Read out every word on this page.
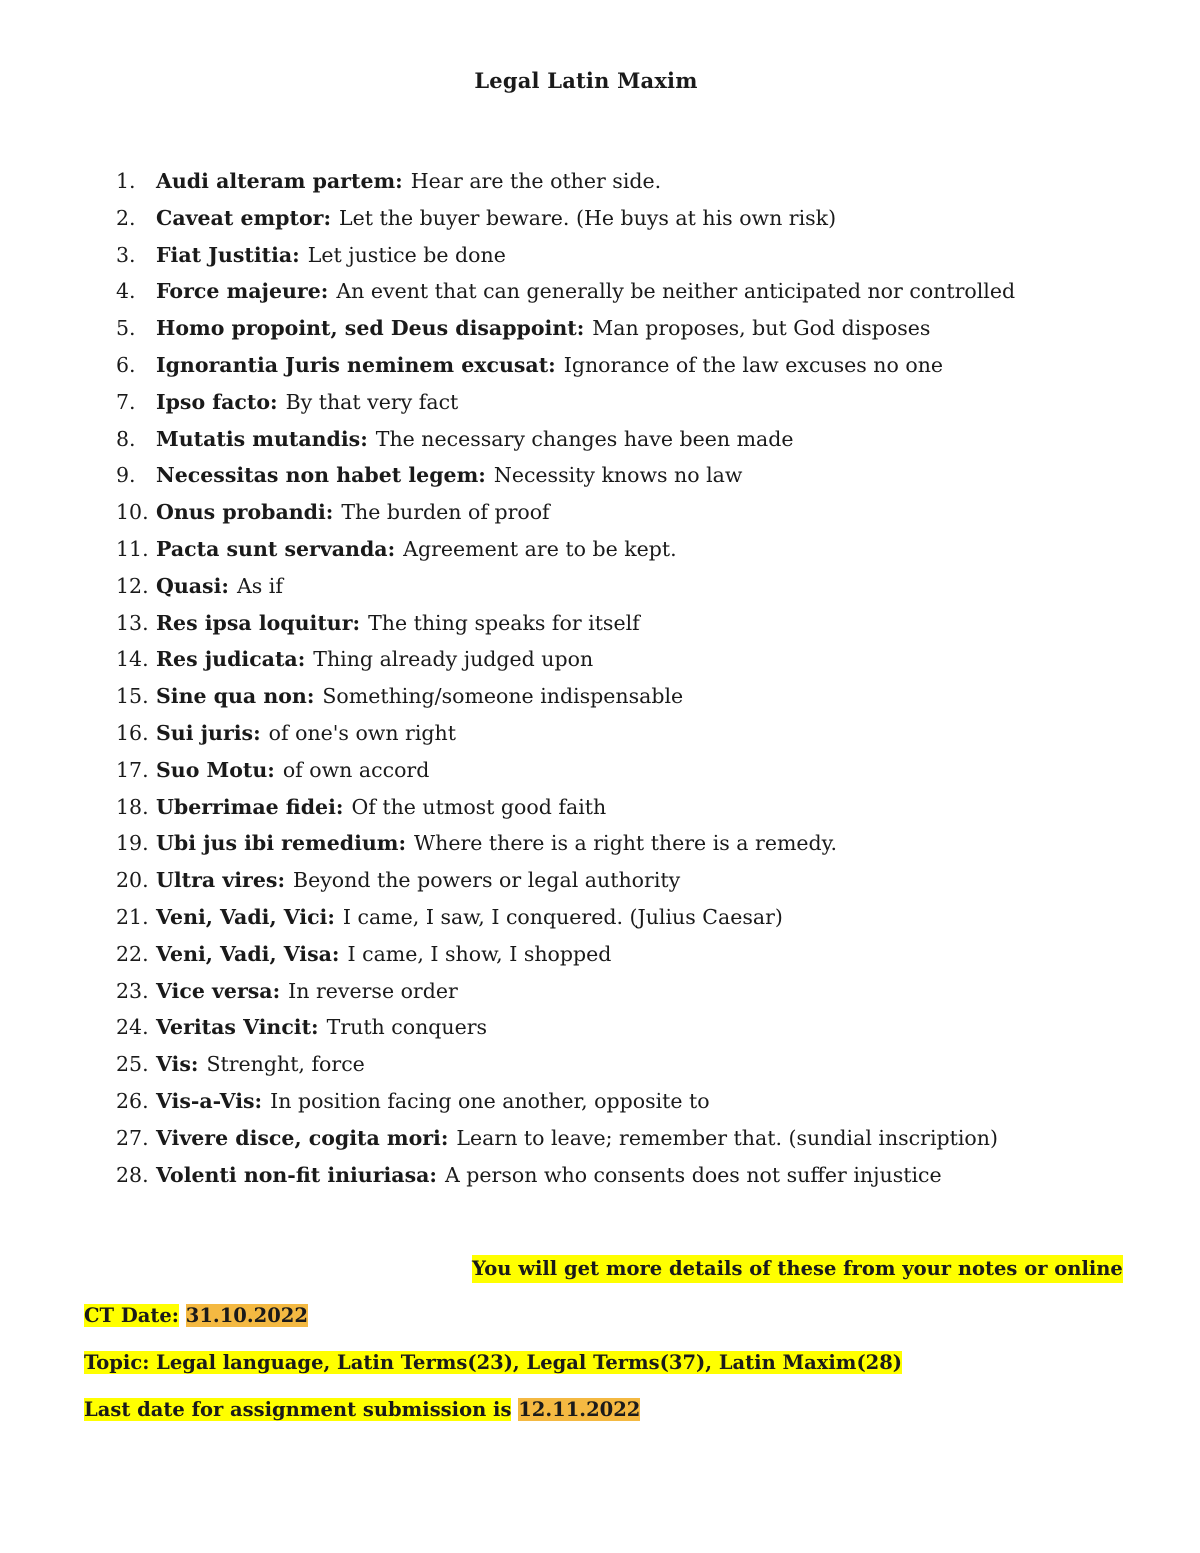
Legal Latin Maxim
1. Audi alteram partem: Hear are the other side.
2. Caveat emptor: Let the buyer beware. (He buys at his own risk)
3. Fiat Justitia: Let justice be done
4. Force majeure: An event that can generally be neither anticipated nor controlled
5. Homo propoint, sed Deus disappoint: Man proposes, but God disposes
6. Ignorantia Juris neminem excusat: Ignorance of the law excuses no one
7. Ipso facto: By that very fact
8. Mutatis mutandis: The necessary changes have been made
9. Necessitas non habet legem: Necessity knows no law
10. Onus probandi: The burden of proof
11. Pacta sunt servanda: Agreement are to be kept.
12. Quasi: As if
13. Res ipsa loquitur: The thing speaks for itself
14. Res judicata: Thing already judged upon
15. Sine qua non: Something/someone indispensable
16. Sui juris: of one's own right
17. Suo Motu: of own accord
18. Uberrimae fidei: Of the utmost good faith
19. Ubi jus ibi remedium: Where there is a right there is a remedy.
20. Ultra vires: Beyond the powers or legal authority
21. Veni, Vadi, Vici: I came, I saw, I conquered. (Julius Caesar)
22. Veni, Vadi, Visa: I came, I show, I shopped
23. Vice versa: In reverse order
24. Veritas Vincit: Truth conquers
25. Vis: Strenght, force
26. Vis-a-Vis: In position facing one another, opposite to
27. Vivere disce, cogita mori: Learn to leave; remember that. (sundial inscription)
28. Volenti non-fit iniuriasa: A person who consents does not suffer injustice
You will get more details of these from your notes or online
CT Date: 31.10.2022
Topic: Legal language, Latin Terms(23), Legal Terms(37), Latin Maxim(28)
Last date for assignment submission is 12.11.2022
